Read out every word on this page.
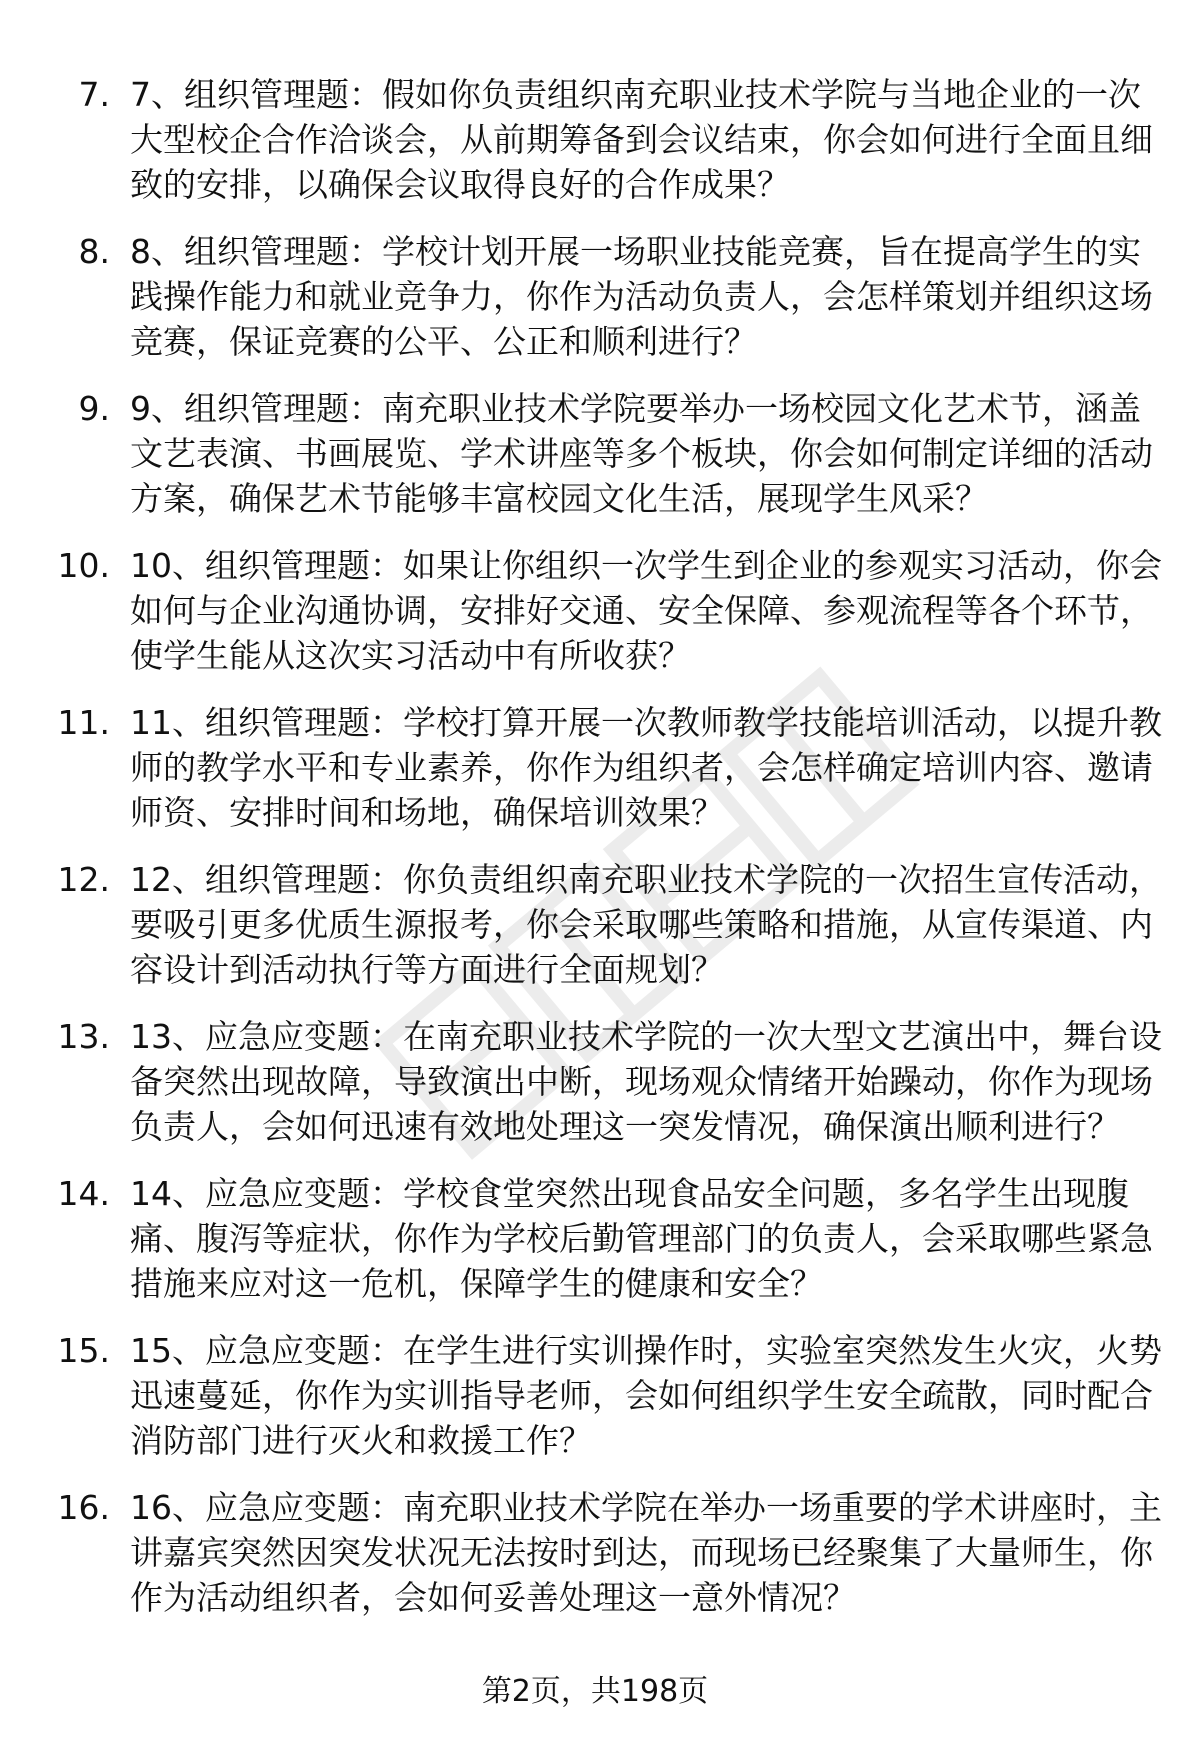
7. 7、组织管理题：假如你负责组织南充职业技术学院与当地企业的一次大型校企合作洽谈会，从前期筹备到会议结束，你会如何进行全面且细致的安排，以确保会议取得良好的合作成果？
8. 8、组织管理题：学校计划开展一场职业技能竞赛，旨在提高学生的实践操作能力和就业竞争力，你作为活动负责人，会怎样策划并组织这场竞赛，保证竞赛的公平、公正和顺利进行？
9. 9、组织管理题：南充职业技术学院要举办一场校园文化艺术节，涵盖文艺表演、书画展览、学术讲座等多个板块，你会如何制定详细的活动方案，确保艺术节能够丰富校园文化生活，展现学生风采？
10. 10、组织管理题：如果让你组织一次学生到企业的参观实习活动，你会如何与企业沟通协调，安排好交通、安全保障、参观流程等各个环节，使学生能从这次实习活动中有所收获？
11. 11、组织管理题：学校打算开展一次教师教学技能培训活动，以提升教师的教学水平和专业素养，你作为组织者，会怎样确定培训内容、邀请师资、安排时间和场地，确保培训效果？
12. 12、组织管理题：你负责组织南充职业技术学院的一次招生宣传活动，要吸引更多优质生源报考，你会采取哪些策略和措施，从宣传渠道、内容设计到活动执行等方面进行全面规划？
13. 13、应急应变题：在南充职业技术学院的一次大型文艺演出中，舞台设备突然出现故障，导致演出中断，现场观众情绪开始躁动，你作为现场负责人，会如何迅速有效地处理这一突发情况，确保演出顺利进行？
14. 14、应急应变题：学校食堂突然出现食品安全问题，多名学生出现腹痛、腹泻等症状，你作为学校后勤管理部门的负责人，会采取哪些紧急措施来应对这一危机，保障学生的健康和安全？
15. 15、应急应变题：在学生进行实训操作时，实验室突然发生火灾，火势迅速蔓延，你作为实训指导老师，会如何组织学生安全疏散，同时配合消防部门进行灭火和救援工作？
16. 16、应急应变题：南充职业技术学院在举办一场重要的学术讲座时，主讲嘉宾突然因突发状况无法按时到达，而现场已经聚集了大量师生，你作为活动组织者，会如何妥善处理这一意外情况？
第2页，共198页
